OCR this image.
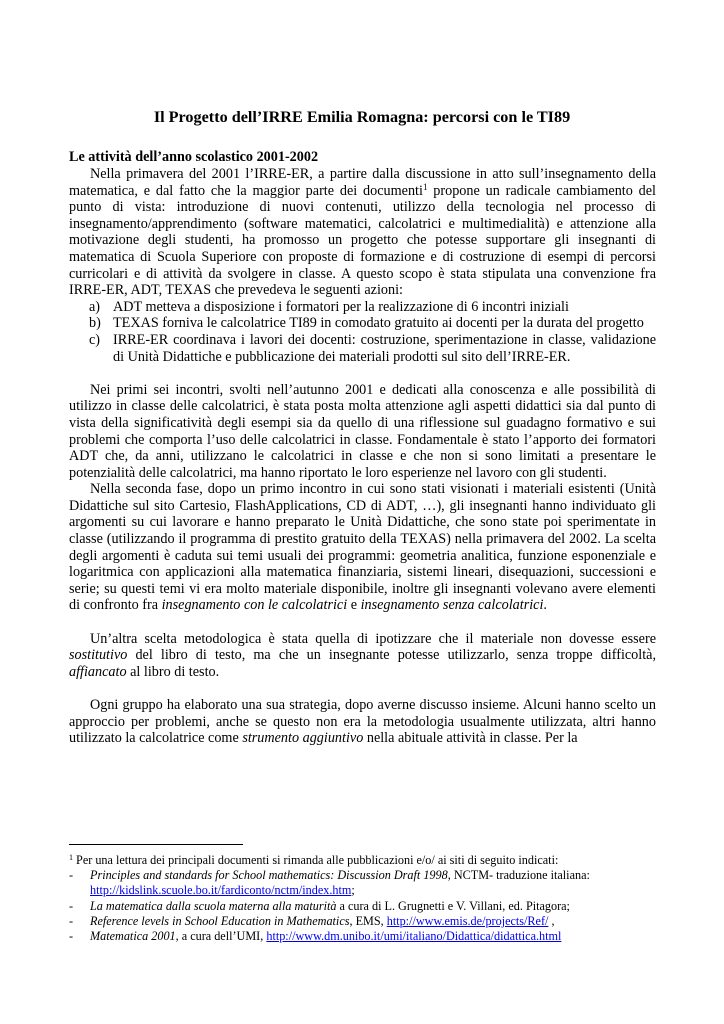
Il Progetto dell’IRRE Emilia Romagna: percorsi con le TI89
Le attività dell’anno scolastico 2001-2002

Nella primavera del 2001 l’IRRE-ER, a partire dalla discussione in atto sull’insegnamento della matematica, e dal fatto che la maggior parte dei documenti$^1$ propone un radicale cambiamento del punto di vista: introduzione di nuovi contenuti, utilizzo della tecnologia nel processo di insegnamento/apprendimento (software matematici, calcolatrici e multimedialità) e attenzione alla motivazione degli studenti, ha promosso un progetto che potesse supportare gli insegnanti di matematica di Scuola Superiore con proposte di formazione e di costruzione di esempi di percorsi curricolari e di attività da svolgere in classe. A questo scopo è stata stipulata una convenzione fra IRRE-ER, ADT, TEXAS che prevedeva le seguenti azioni:

a) ADT metteva a disposizione i formatori per la realizzazione di 6 incontri iniziali
b) TEXAS forniva le calcolatrice TI89 in comodato gratuito ai docenti per la durata del progetto
c) IRRE-ER coordinava i lavori dei docenti: costruzione, sperimentazione in classe, validazione di Unità Didattiche e pubblicazione dei materiali prodotti sul sito dell’IRRE-ER.

Nei primi sei incontri, svolti nell’autunno 2001 e dedicati alla conoscenza e alle possibilità di utilizzo in classe delle calcolatrici, è stata posta molta attenzione agli aspetti didattici sia dal punto di vista della significatività degli esempi sia da quello di una riflessione sul guadagno formativo e sui problemi che comporta l’uso delle calcolatrici in classe. Fondamentale è stato l’apporto dei formatori ADT che, da anni, utilizzano le calcolatrici in classe e che non si sono limitati a presentare le potenzialità delle calcolatrici, ma hanno riportato le loro esperienze nel lavoro con gli studenti.

Nella seconda fase, dopo un primo incontro in cui sono stati visionati i materiali esistenti (Unità Didattiche sul sito Cartesio, FlashApplications, CD di ADT, …), gli insegnanti hanno individuato gli argomenti su cui lavorare e hanno preparato le Unità Didattiche, che sono state poi sperimentate in classe (utilizzando il programma di prestito gratuito della TEXAS) nella primavera del 2002. La scelta degli argomenti è caduta sui temi usuali dei programmi: geometria analitica, funzione esponenziale e logaritmica con applicazioni alla matematica finanziaria, sistemi lineari, disequazioni, successioni e serie; su questi temi vi era molto materiale disponibile, inoltre gli insegnanti volevano avere elementi di confronto fra insegnamento con le calcolatrici e insegnamento senza calcolatrici.

Un’altra scelta metodologica è stata quella di ipotizzare che il materiale non dovesse essere sostitutivo del libro di testo, ma che un insegnante potesse utilizzarlo, senza troppe difficoltà, affiancato al libro di testo.

Ogni gruppo ha elaborato una sua strategia, dopo averne discusso insieme. Alcuni hanno scelto un approccio per problemi, anche se questo non era la metodologia usualmente utilizzata, altri hanno utilizzato la calcolatrice come strumento aggiuntivo nella abituale attività in classe. Per la

$^1$ Per una lettura dei principali documenti si rimanda alle pubblicazioni e/o/ ai siti di seguito indicati:
- Principles and standards for School mathematics: Discussion Draft 1998, NCTM- traduzione italiana:
http://kidslink.scuole.bo.it/fardiconto/nctm/index.htm;
- La matematica dalla scuola materna alla maturità a cura di L. Grugnetti e V. Villani, ed. Pitagora;
- Reference levels in School Education in Mathematics, EMS, http://www.emis.de/projects/Ref/ ,
- Matematica 2001, a cura dell’UMI, http://www.dm.unibo.it/umi/italiano/Didattica/didattica.html
